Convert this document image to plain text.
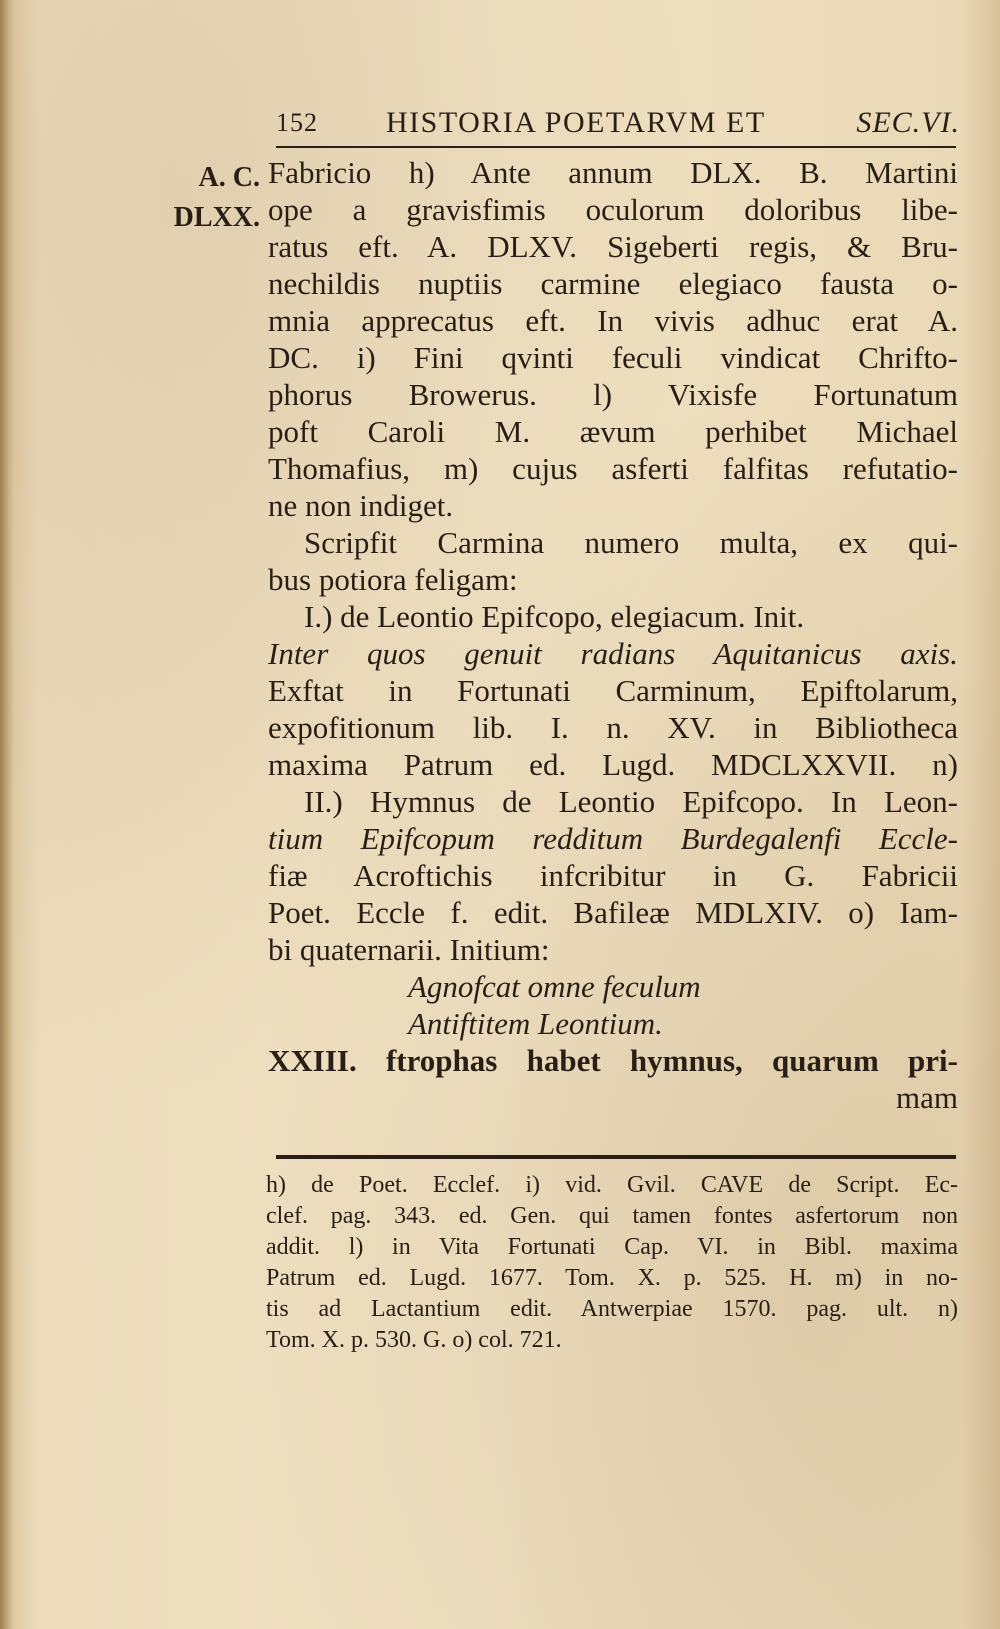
152 HISTORIA POETARVM ET	SEC.VI.
A. C.
DLXX.
Fabricio h) Ante annum DLX. B. Martini
ope a gravisfimis oculorum doloribus libe-
ratus eft. A. DLXV. Sigeberti regis, & Bru-
nechildis nuptiis carmine elegiaco fausta o-
mnia apprecatus eft. In vivis adhuc erat A.
DC. i) Fini qvinti feculi vindicat Chrifto-
phorus Browerus. l) Vixisfe Fortunatum
poft Caroli M. ævum perhibet Michael
Thomafius, m) cujus asferti falfitas refutatio-
ne non indiget.
Scripfit Carmina numero multa, ex qui-
bus potiora feligam:
I.) de Leontio Epifcopo, elegiacum. Init.
Inter quos genuit radians Aquitanicus axis.
Exftat in Fortunati Carminum, Epiftolarum,
expofitionum lib. I. n. XV. in Bibliotheca
maxima Patrum ed. Lugd. MDCLXXVII. n)
II.) Hymnus de Leontio Epifcopo. In Leon-
tium Epifcopum redditum Burdegalenfi Eccle-
fiæ Acroftichis infcribitur in G. Fabricii
Poet. Eccle f. edit. Bafileæ MDLXIV. o) Iam-
bi quaternarii. Initium:
Agnofcat omne feculum
Antiftitem Leontium.
XXIII. ftrophas habet hymnus, quarum pri-
mam
h) de Poet. Ecclef. i) vid. Gvil. CAVE de Script. Ec-
clef. pag. 343. ed. Gen. qui tamen fontes asfertorum non
addit. l) in Vita Fortunati Cap. VI. in Bibl. maxima
Patrum ed. Lugd. 1677. Tom. X. p. 525. H. m) in no-
tis ad Lactantium edit. Antwerpiae 1570. pag. ult. n)
Tom. X. p. 530. G. o) col. 721.
